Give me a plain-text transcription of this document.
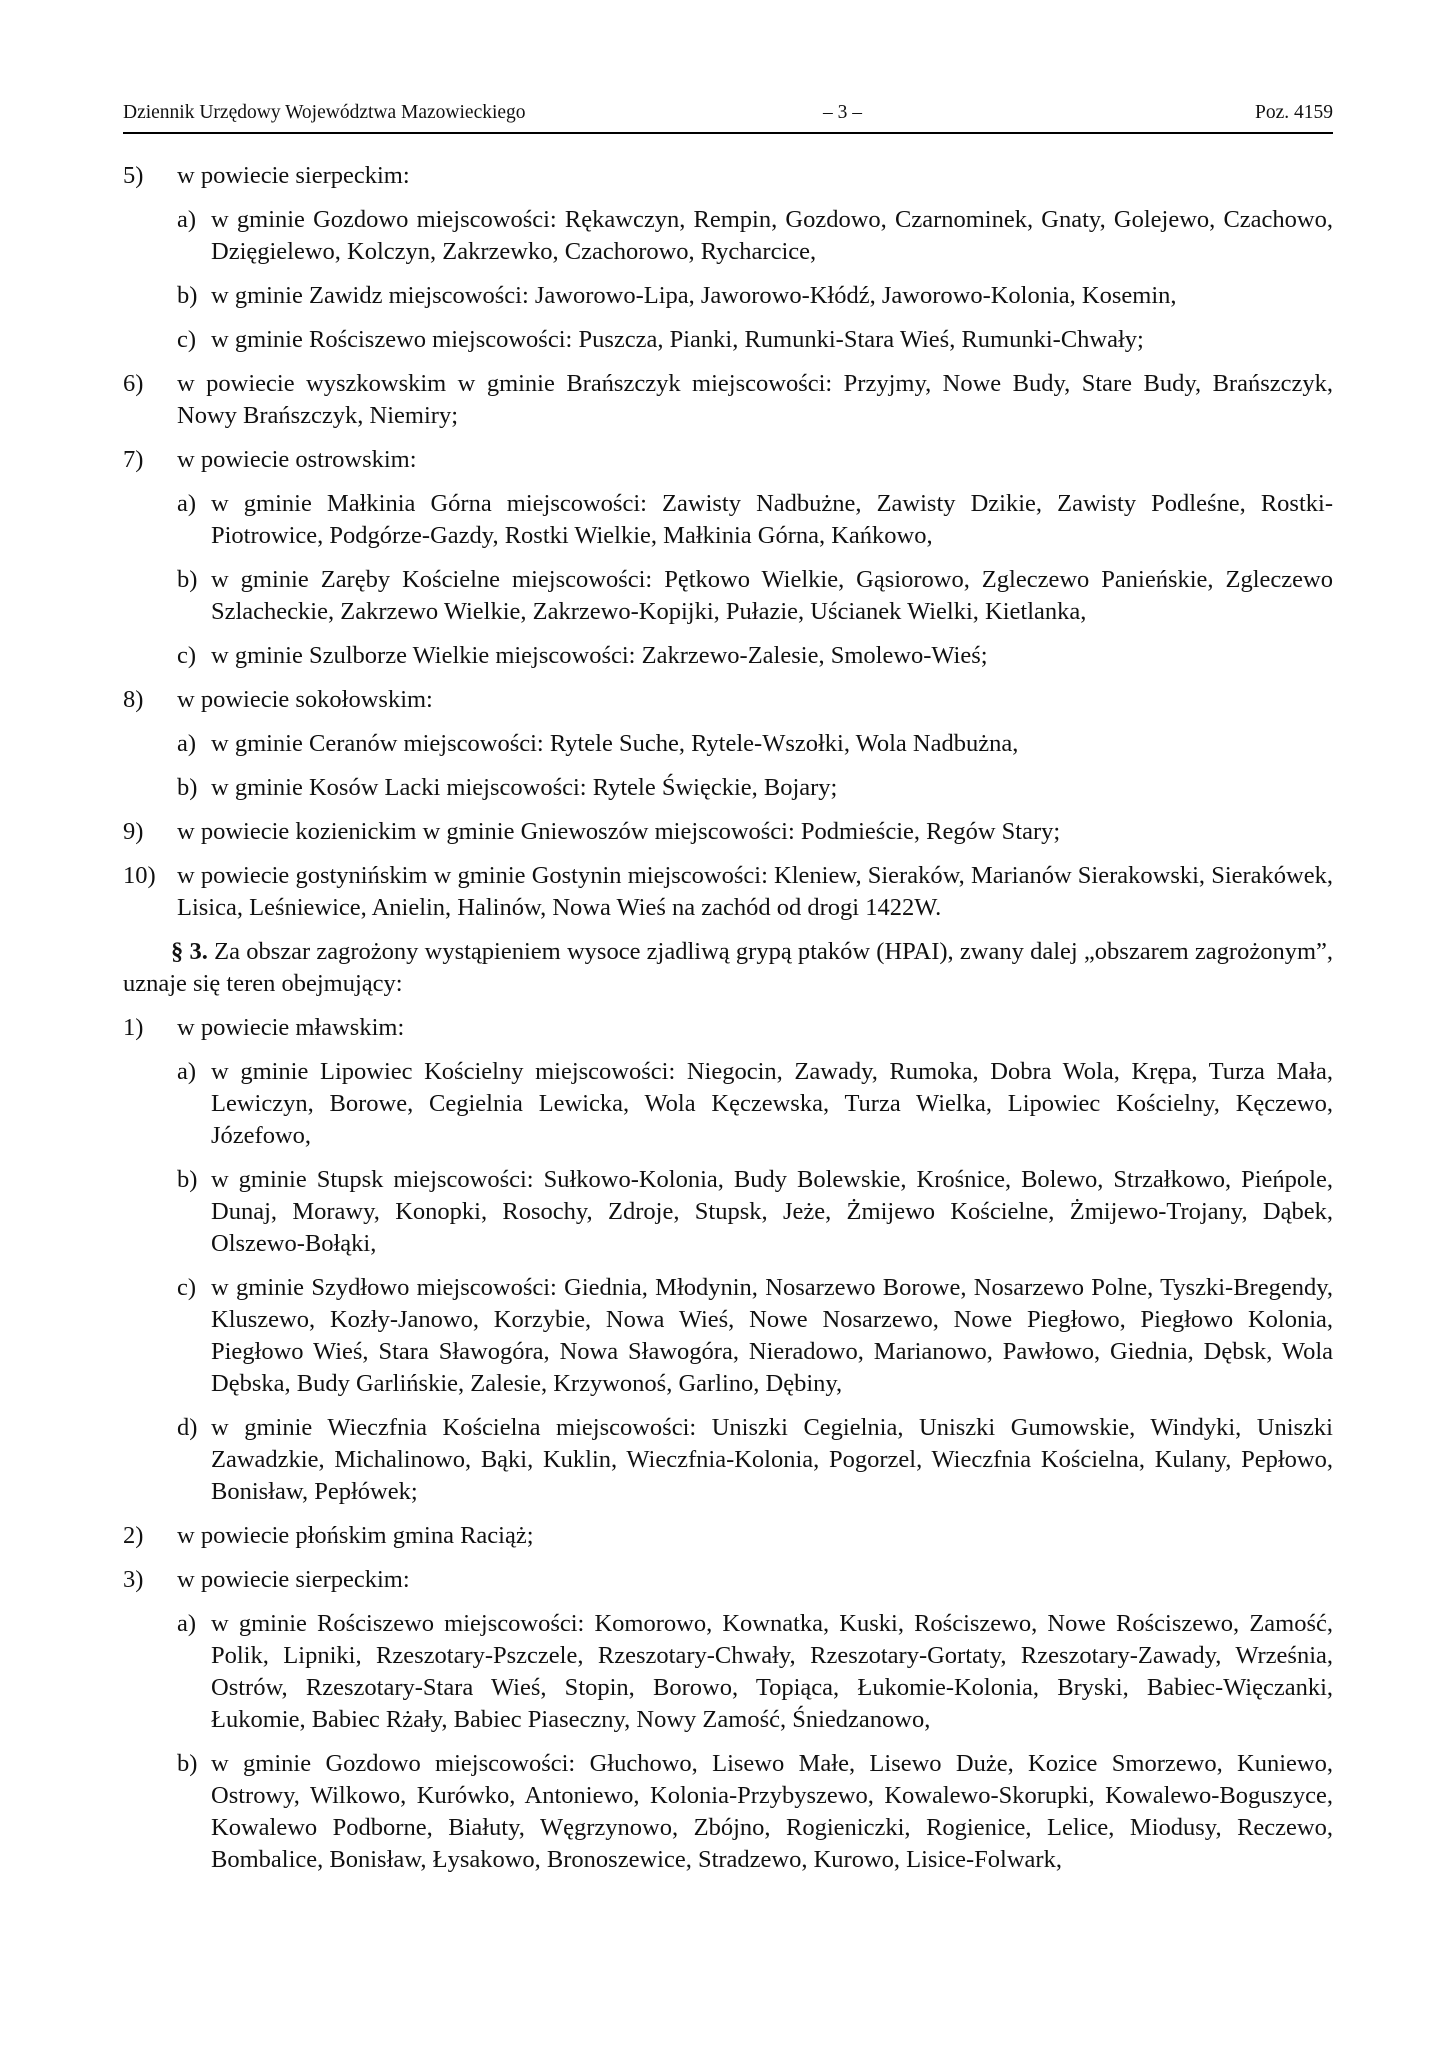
Dziennik Urzędowy Województwa Mazowieckiego	– 3 –	Poz. 4159
5) w powiecie sierpeckim:
a) w gminie Gozdowo miejscowości: Rękawczyn, Rempin, Gozdowo, Czarnominek, Gnaty, Golejewo, Czachowo, Dzięgielewo, Kolczyn, Zakrzewko, Czachorowo, Rycharcice,
b) w gminie Zawidz miejscowości: Jaworowo-Lipa, Jaworowo-Kłódź, Jaworowo-Kolonia, Kosemin,
c) w gminie Rościszewo miejscowości: Puszcza, Pianki, Rumunki-Stara Wieś, Rumunki-Chwały;
6) w powiecie wyszkowskim w gminie Brańszczyk miejscowości: Przyjmy, Nowe Budy, Stare Budy, Brańszczyk, Nowy Brańszczyk, Niemiry;
7) w powiecie ostrowskim:
a) w gminie Małkinia Górna miejscowości: Zawisty Nadbużne, Zawisty Dzikie, Zawisty Podleśne, Rostki-Piotrowice, Podgórze-Gazdy, Rostki Wielkie, Małkinia Górna, Kańkowo,
b) w gminie Zaręby Kościelne miejscowości: Pętkowo Wielkie, Gąsiorowo, Zgleczewo Panieńskie, Zgleczewo Szlacheckie, Zakrzewo Wielkie, Zakrzewo-Kopijki, Pułazie, Uścianek Wielki, Kietlanka,
c) w gminie Szulborze Wielkie miejscowości: Zakrzewo-Zalesie, Smolewo-Wieś;
8) w powiecie sokołowskim:
a) w gminie Ceranów miejscowości: Rytele Suche, Rytele-Wszołki, Wola Nadbużna,
b) w gminie Kosów Lacki miejscowości: Rytele Święckie, Bojary;
9) w powiecie kozienickim w gminie Gniewoszów miejscowości: Podmieście, Regów Stary;
10) w powiecie gostynińskim w gminie Gostynin miejscowości: Kleniew, Sieraków, Marianów Sierakowski, Sierakówek, Lisica, Leśniewice, Anielin, Halinów, Nowa Wieś na zachód od drogi 1422W.
§ 3. Za obszar zagrożony wystąpieniem wysoce zjadliwą grypą ptaków (HPAI), zwany dalej „obszarem zagrożonym”, uznaje się teren obejmujący:
1) w powiecie mławskim:
a) w gminie Lipowiec Kościelny miejscowości: Niegocin, Zawady, Rumoka, Dobra Wola, Krępa, Turza Mała, Lewiczyn, Borowe, Cegielnia Lewicka, Wola Kęczewska, Turza Wielka, Lipowiec Kościelny, Kęczewo, Józefowo,
b) w gminie Stupsk miejscowości: Sułkowo-Kolonia, Budy Bolewskie, Krośnice, Bolewo, Strzałkowo, Pieńpole, Dunaj, Morawy, Konopki, Rosochy, Zdroje, Stupsk, Jeże, Żmijewo Kościelne, Żmijewo-Trojany, Dąbek, Olszewo-Bołąki,
c) w gminie Szydłowo miejscowości: Giednia, Młodynin, Nosarzewo Borowe, Nosarzewo Polne, Tyszki-Bregendy, Kluszewo, Kozły-Janowo, Korzybie, Nowa Wieś, Nowe Nosarzewo, Nowe Piegłowo, Piegłowo Kolonia, Piegłowo Wieś, Stara Sławogóra, Nowa Sławogóra, Nieradowo, Marianowo, Pawłowo, Giednia, Dębsk, Wola Dębska, Budy Garlińskie, Zalesie, Krzywonoś, Garlino, Dębiny,
d) w gminie Wieczfnia Kościelna miejscowości: Uniszki Cegielnia, Uniszki Gumowskie, Windyki, Uniszki Zawadzkie, Michalinowo, Bąki, Kuklin, Wieczfnia-Kolonia, Pogorzel, Wieczfnia Kościelna, Kulany, Pepłowo, Bonisław, Pepłówek;
2) w powiecie płońskim gmina Raciąż;
3) w powiecie sierpeckim:
a) w gminie Rościszewo miejscowości: Komorowo, Kownatka, Kuski, Rościszewo, Nowe Rościszewo, Zamość, Polik, Lipniki, Rzeszotary-Pszczele, Rzeszotary-Chwały, Rzeszotary-Gortaty, Rzeszotary-Zawady, Września, Ostrów, Rzeszotary-Stara Wieś, Stopin, Borowo, Topiąca, Łukomie-Kolonia, Bryski, Babiec-Więczanki, Łukomie, Babiec Rżały, Babiec Piaseczny, Nowy Zamość, Śniedzanowo,
b) w gminie Gozdowo miejscowości: Głuchowo, Lisewo Małe, Lisewo Duże, Kozice Smorzewo, Kuniewo, Ostrowy, Wilkowo, Kurówko, Antoniewo, Kolonia-Przybyszewo, Kowalewo-Skorupki, Kowalewo-Boguszyce, Kowalewo Podborne, Białuty, Węgrzynowo, Zbójno, Rogieniczki, Rogienice, Lelice, Miodusy, Reczewo, Bombalice, Bonisław, Łysakowo, Bronoszewice, Stradzewo, Kurowo, Lisice-Folwark,
